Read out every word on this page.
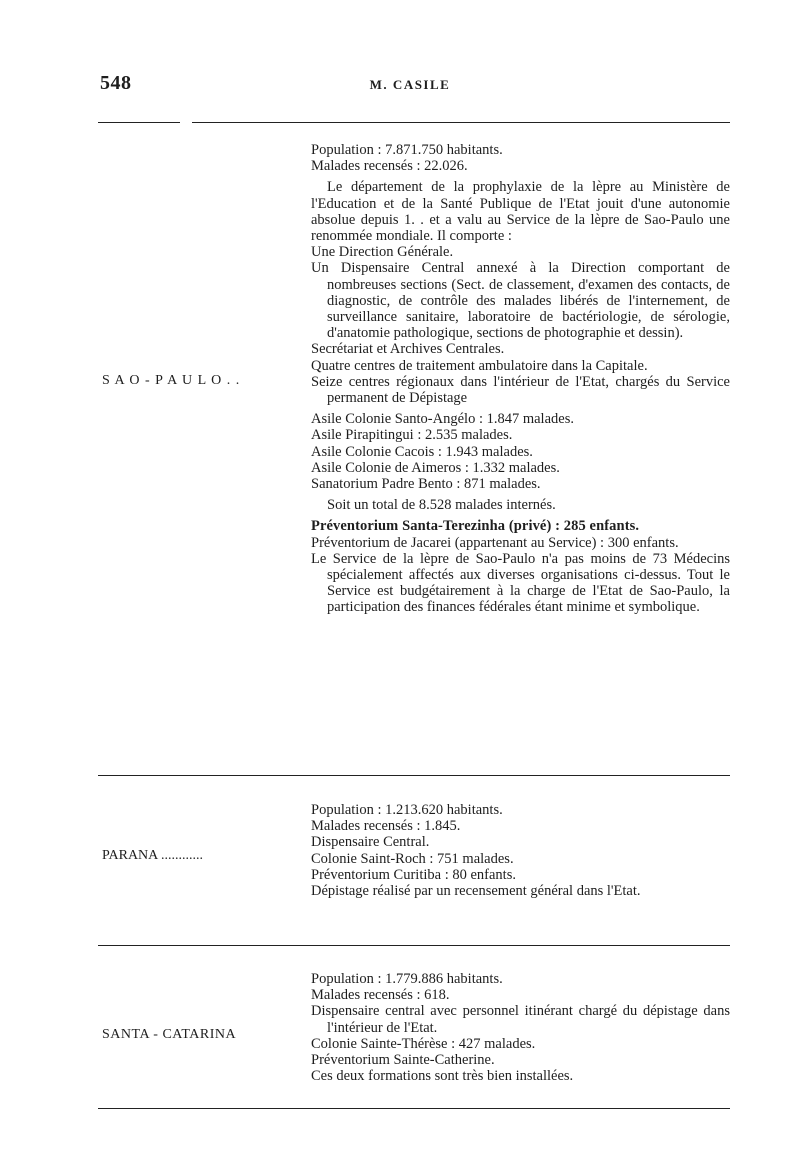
548	M. CASILE
S A O - P A U L O . .

Population : 7.871.750 habitants.

Malades recensés : 22.026.

Le département de la prophylaxie de la lèpre au Ministère de l'Education et de la Santé Publique de l'Etat jouit d'une autonomie absolue depuis 1. . et a valu au Service de la lèpre de Sao-Paulo une renommée mondiale. Il comporte :

Une Direction Générale.

Un Dispensaire Central annexé à la Direction comportant de nombreuses sections (Sect. de classement, d'examen des contacts, de diagnostic, de contrôle des malades libérés de l'internement, de surveillance sanitaire, laboratoire de bactériologie, de sérologie, d'anatomie pathologique, sections de photographie et dessin).

Secrétariat et Archives Centrales.

Quatre centres de traitement ambulatoire dans la Capitale.

Seize centres régionaux dans l'intérieur de l'Etat, chargés du Service permanent de Dépistage

Asile Colonie Santo-Angélo : 1.847 malades.

Asile Pirapitingui : 2.535 malades.

Asile Colonie Cacois : 1.943 malades.

Asile Colonie de Aimeros : 1.332 malades.

Sanatorium Padre Bento : 871 malades.

Soit un total de 8.528 malades internés.

Préventorium Santa-Terezinha (privé) : 285 enfants.

Préventorium de Jacarei (appartenant au Service) : 300 enfants.

Le Service de la lèpre de Sao-Paulo n'a pas moins de 73 Médecins spécialement affectés aux diverses organisations ci-dessus. Tout le Service est budgétairement à la charge de l'Etat de Sao-Paulo, la participation des finances fédérales étant minime et symbolique.

PARANA ............

Population : 1.213.620 habitants.

Malades recensés : 1.845.

Dispensaire Central.

Colonie Saint-Roch : 751 malades.

Préventorium Curitiba : 80 enfants.

Dépistage réalisé par un recensement général dans l'Etat.

SANTA - CATARINA

Population : 1.779.886 habitants.

Malades recensés : 618.

Dispensaire central avec personnel itinérant chargé du dépistage dans l'intérieur de l'Etat.

Colonie Sainte-Thérèse : 427 malades.

Préventorium Sainte-Catherine.

Ces deux formations sont très bien installées.
